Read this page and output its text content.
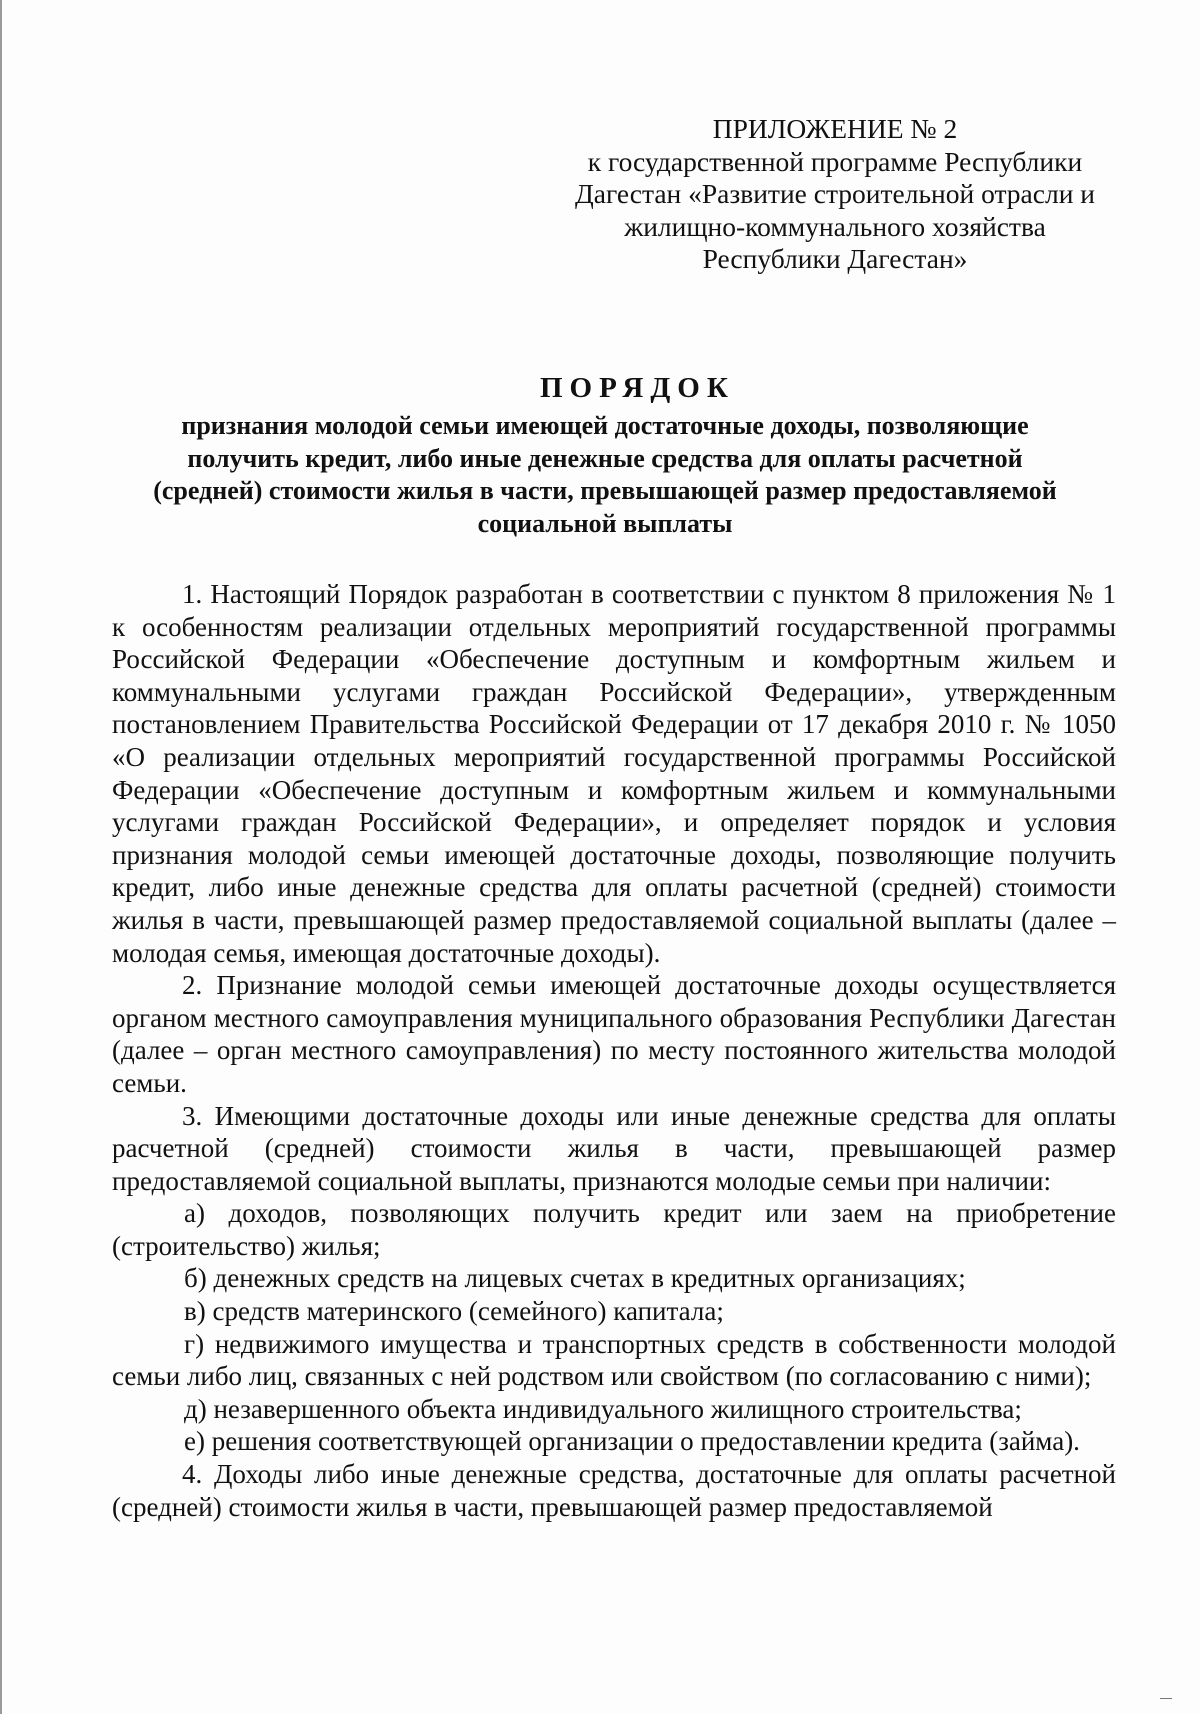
ПРИЛОЖЕНИЕ № 2
к государственной программе Республики
Дагестан «Развитие строительной отрасли и
жилищно-коммунального хозяйства
Республики Дагестан»
ПОРЯДОК
признания молодой семьи имеющей достаточные доходы, позволяющие
получить кредит, либо иные денежные средства для оплаты расчетной
(средней) стоимости жилья в части, превышающей размер предоставляемой
социальной выплаты

1. Настоящий Порядок разработан в соответствии с пунктом 8 приложения № 1 к особенностям реализации отдельных мероприятий государственной программы Российской Федерации «Обеспечение доступным и комфортным жильем и коммунальными услугами граждан Российской Федерации», утвержденным постановлением Правительства Российской Федерации от 17 декабря 2010 г. № 1050 «О реализации отдельных мероприятий государственной программы Российской Федерации «Обеспечение доступным и комфортным жильем и коммунальными услугами граждан Российской Федерации», и определяет порядок и условия признания молодой семьи имеющей достаточные доходы, позволяющие получить кредит, либо иные денежные средства для оплаты расчетной (средней) стоимости жилья в части, превышающей размер предоставляемой социальной выплаты (далее – молодая семья, имеющая достаточные доходы).

2. Признание молодой семьи имеющей достаточные доходы осуществляется органом местного самоуправления муниципального образования Республики Дагестан (далее – орган местного самоуправления) по месту постоянного жительства молодой семьи.

3. Имеющими достаточные доходы или иные денежные средства для оплаты расчетной (средней) стоимости жилья в части, превышающей размер предоставляемой социальной выплаты, признаются молодые семьи при наличии:

а) доходов, позволяющих получить кредит или заем на приобретение (строительство) жилья;

б) денежных средств на лицевых счетах в кредитных организациях;

в) средств материнского (семейного) капитала;

г) недвижимого имущества и транспортных средств в собственности молодой семьи либо лиц, связанных с ней родством или свойством (по согласованию с ними);

д) незавершенного объекта индивидуального жилищного строительства;

е) решения соответствующей организации о предоставлении кредита (займа).

4. Доходы либо иные денежные средства, достаточные для оплаты расчетной (средней) стоимости жилья в части, превышающей размер предоставляемой
